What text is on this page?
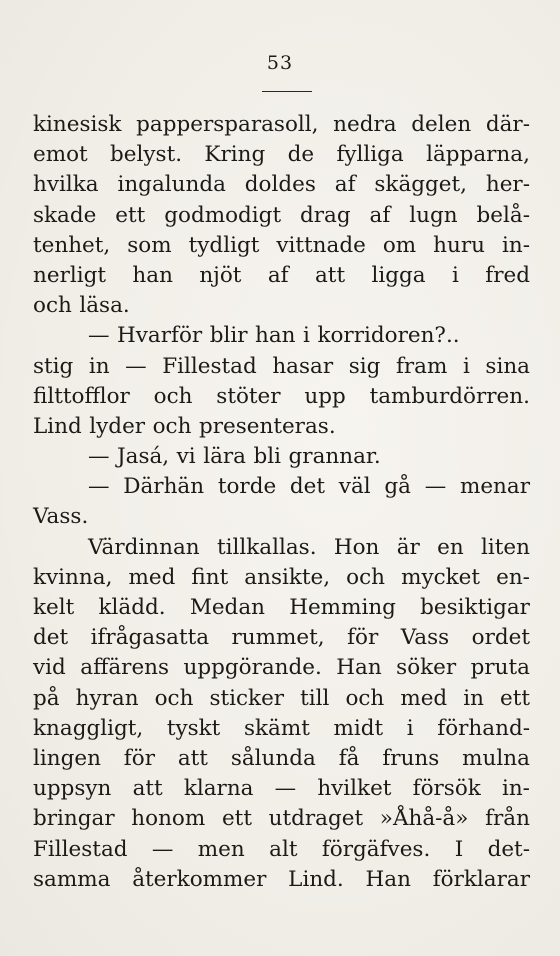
53
kinesisk pappersparasoll, nedra delen där-
emot belyst. Kring de fylliga läpparna,
hvilka ingalunda doldes af skägget, her-
skade ett godmodigt drag af lugn belå-
tenhet, som tydligt vittnade om huru in-
nerligt han njöt af att ligga i fred
och läsa.
— Hvarför blir han i korridoren?..
stig in — Fillestad hasar sig fram i sina
filttofflor och stöter upp tamburdörren.
Lind lyder och presenteras.
— Jasá, vi lära bli grannar.
— Därhän torde det väl gå — menar
Vass.
Värdinnan tillkallas. Hon är en liten
kvinna, med fint ansikte, och mycket en-
kelt klädd. Medan Hemming besiktigar
det ifrågasatta rummet, för Vass ordet
vid affärens uppgörande. Han söker pruta
på hyran och sticker till och med in ett
knaggligt, tyskt skämt midt i förhand-
lingen för att sålunda få fruns mulna
uppsyn att klarna — hvilket försök in-
bringar honom ett utdraget »Åhå-å» från
Fillestad — men alt förgäfves. I det-
samma återkommer Lind. Han förklarar
